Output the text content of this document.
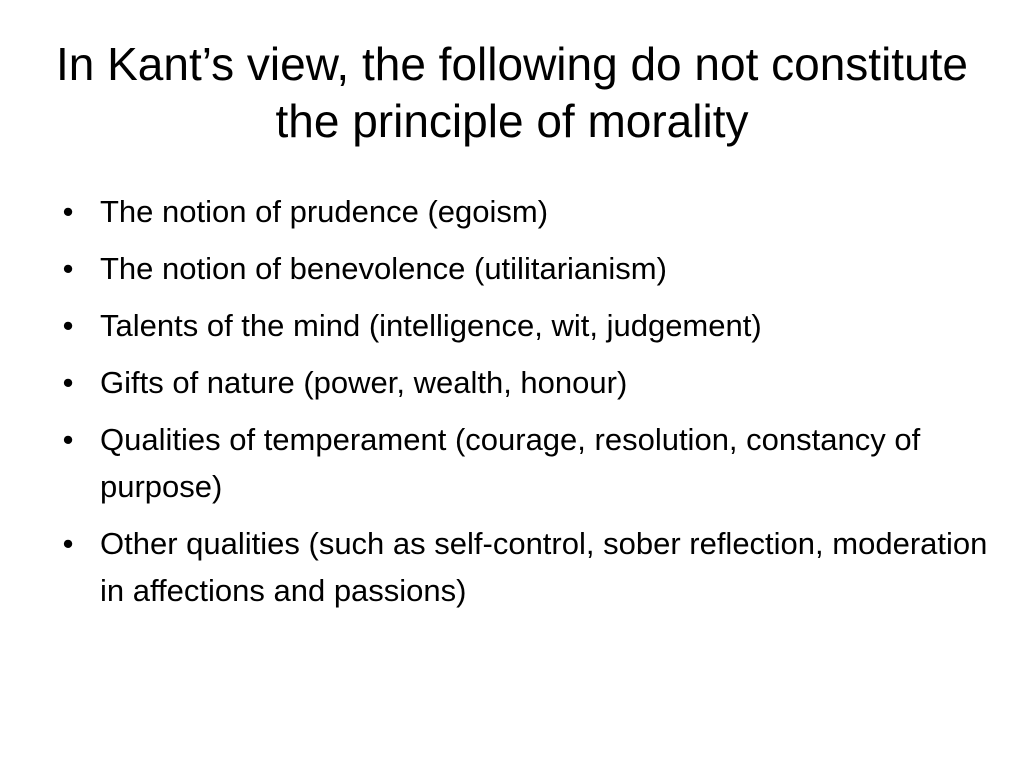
In Kant’s view, the following do not constitute the principle of morality
• The notion of prudence (egoism)
• The notion of benevolence (utilitarianism)
• Talents of the mind (intelligence, wit, judgement)
• Gifts of nature (power, wealth, honour)
• Qualities of temperament (courage, resolution, constancy of purpose)
• Other qualities (such as self-control, sober reflection, moderation in affections and passions)
